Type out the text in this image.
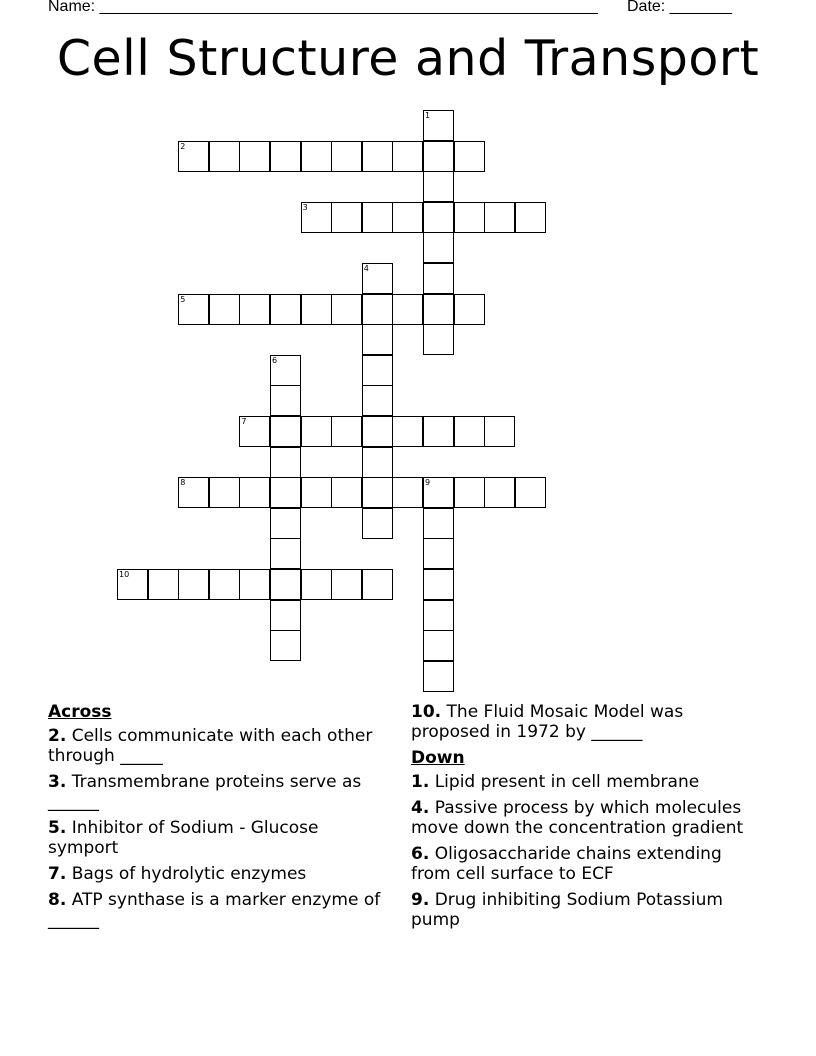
Name: ________________________________________________________ Date: _______
Cell Structure and Transport
1
2
3
4
5
6
7
8	9
10
Across
2. Cells communicate with each other through _____
3. Transmembrane proteins serve as ______
5. Inhibitor of Sodium - Glucose symport
7. Bags of hydrolytic enzymes
8. ATP synthase is a marker enzyme of ______
10. The Fluid Mosaic Model was proposed in 1972 by ______
Down
1. Lipid present in cell membrane
4. Passive process by which molecules move down the concentration gradient
6. Oligosaccharide chains extending from cell surface to ECF
9. Drug inhibiting Sodium Potassium pump
